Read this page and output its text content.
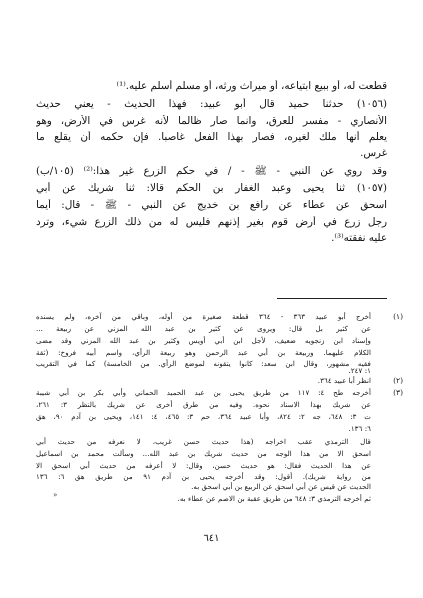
قطعت له، أو ببيع ابتياعه، أو ميراث ورثه، أو مسلم أسلم عليه.⁽¹⁾

(١٠٥٦) حدثنا حميد قال أبو عبيد: فهذا الحديث - يعني حديث

الأنصاري - مفسر للعرق، وانما صار ظالما لأنه غرس في الأرض، وهو

يعلم أنها ملك لغيره، فصار بهذا الفعل غاصبا. فإن حكمه أن يقلع ما

غرس.

وقد روي عن النبي - ﷺ - / في حكم الزرع غير هذا:⁽²⁾ (١٠٥/ب)

(١٠٥٧) ثنا يحيى وعبد الغفار بن الحكم قالا: ثنا شريك عن أبي

اسحق عن عطاء عن رافع بن خديج عن النبي - ﷺ - قال: أيما

رجل زرع في أرض قوم بغير إذنهم فليس له من ذلك الزرع شيء، وترد

عليه نفقته⁽³⁾.

(١)
(٢)
(٣)

أخرج أبو عبيد ٣٦٣ - ٣٦٤ قطعة صغيرة من أوله، وباقي من آخره، ولم يسنده

عن كثير بل قال: ويروى عن كثير بن عبد الله المزني عن ربيعة ...

وإسناد ابن زنجويه ضعيف، لأجل ابن أبي أويس وكثير بن عبد الله المزني وقد مضى

الكلام عليهما. وربيعة بن أبي عبد الرحمن وهو ربيعة الرأي، واسم أبيه فروخ: (ثقة

فقيه مشهور، وقال ابن سعد: كانوا يتقونه لموضع الرأي. من الخامسة) كما في التقريب

١: ٢٤٧.

انظر أبا عبيد ٣٦٤.

أخرجه طح ٤: ١١٧ من طريق يحيى بن عبد الحميد الحماني وأبي بكر بن أبي شيبة

عن شريك بهذا الاسناد نحوه. وفيه من طرق أخرى عن شريك بالنظر ٣: ٢٦١،

ت ٣: ٦٤٨، جه ٢: ٨٢٤، وأبا عبيد ٣٦٤، حم ٣: ٤٦٥، ٤: ١٤١، ويحيى بن آدم ٩٠، هق

٦: ١٣٦.

قال الترمذي عقب اخراجه (هذا حديث حسن غريب، لا نعرفه من حديث أبي

اسحق الا من هذا الوجه من حديث شريك بن عبد الله... وسألت محمد بن اسماعيل

عن هذا الحديث فقال: هو حديث حسن، وقال: لا أعرفه من حديث أبي اسحق الا

من رواية شريك). أقول: وقد أخرجه يحيى بن آدم ٩١ من طريق هق ٦: ١٣٦

الحديث عن قيس عن أبي اسحق عن الربيع بن أبي اسحق به.

ثم أخرجه الترمذي ٣: ٦٤٨ من طريق عقبة بن الاصم عن عطاء به.

«
٦٤١
